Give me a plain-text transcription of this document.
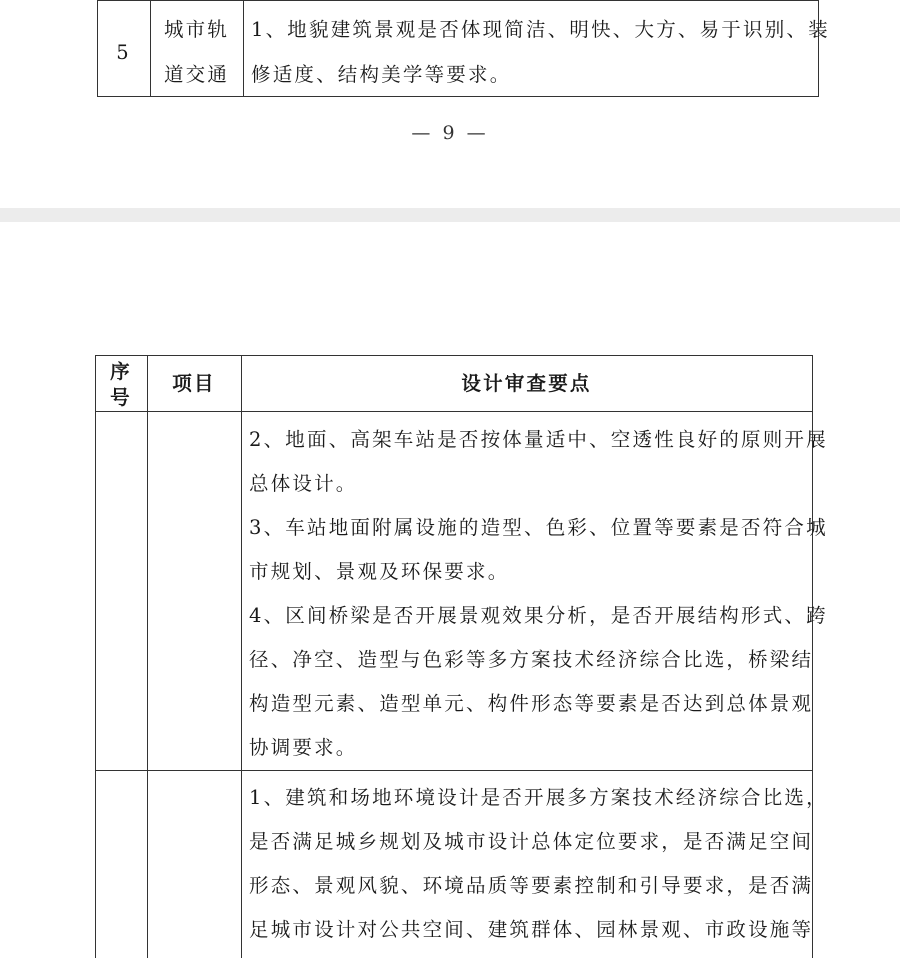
5
城市轨
道交通
1、地貌建筑景观是否体现简洁、明快、大方、易于识别、装
修适度、结构美学等要求。
— 9 —
序
号
项目	设计审查要点
2、地面、高架车站是否按体量适中、空透性良好的原则开展
总体设计。
3、车站地面附属设施的造型、色彩、位置等要素是否符合城
市规划、景观及环保要求。
4、区间桥梁是否开展景观效果分析，是否开展结构形式、跨
径、净空、造型与色彩等多方案技术经济综合比选，桥梁结
构造型元素、造型单元、构件形态等要素是否达到总体景观
协调要求。
1、建筑和场地环境设计是否开展多方案技术经济综合比选，
是否满足城乡规划及城市设计总体定位要求，是否满足空间
形态、景观风貌、环境品质等要素控制和引导要求，是否满
足城市设计对公共空间、建筑群体、园林景观、市政设施等
